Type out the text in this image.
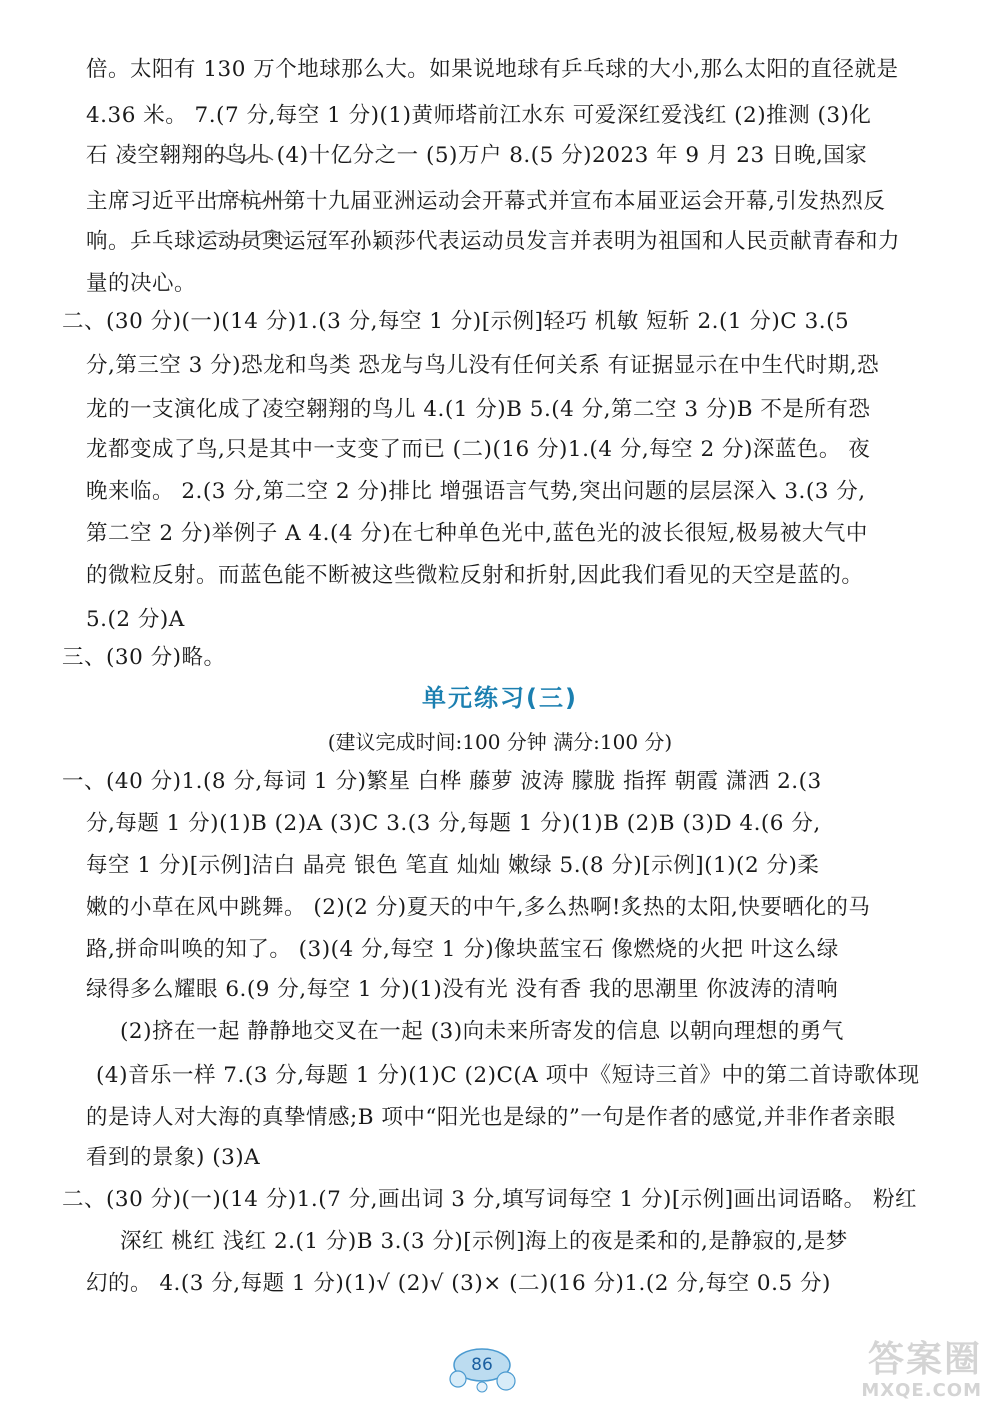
倍。太阳有 130 万个地球那么大。如果说地球有乒乓球的大小,那么太阳的直径就是
4.36 米。 7.(7 分,每空 1 分)(1)黄师塔前江水东 可爱深红爱浅红 (2)推测 (3)化
石 凌空翱翔的鸟儿 (4)十亿分之一 (5)万户 8.(5 分)2023 年 9 月 23 日晚,国家
主席习近平出席杭州第十九届亚洲运动会开幕式并宣布本届亚运会开幕,引发热烈反
响。乒乓球运动员奥运冠军孙颖莎代表运动员发言并表明为祖国和人民贡献青春和力
量的决心。
二、(30 分)(一)(14 分)1.(3 分,每空 1 分)[示例]轻巧 机敏 短斩 2.(1 分)C 3.(5
分,第三空 3 分)恐龙和鸟类 恐龙与鸟儿没有任何关系 有证据显示在中生代时期,恐
龙的一支演化成了凌空翱翔的鸟儿 4.(1 分)B 5.(4 分,第二空 3 分)B 不是所有恐
龙都变成了鸟,只是其中一支变了而已 (二)(16 分)1.(4 分,每空 2 分)深蓝色。 夜
晚来临。 2.(3 分,第二空 2 分)排比 增强语言气势,突出问题的层层深入 3.(3 分,
第二空 2 分)举例子 A 4.(4 分)在七种单色光中,蓝色光的波长很短,极易被大气中
的微粒反射。而蓝色能不断被这些微粒反射和折射,因此我们看见的天空是蓝的。
5.(2 分)A
三、(30 分)略。
单元练习(三)
(建议完成时间:100 分钟 满分:100 分)
一、(40 分)1.(8 分,每词 1 分)繁星 白桦 藤萝 波涛 朦胧 指挥 朝霞 潇洒 2.(3
分,每题 1 分)(1)B (2)A (3)C 3.(3 分,每题 1 分)(1)B (2)B (3)D 4.(6 分,
每空 1 分)[示例]洁白 晶亮 银色 笔直 灿灿 嫩绿 5.(8 分)[示例](1)(2 分)柔
嫩的小草在风中跳舞。 (2)(2 分)夏天的中午,多么热啊!炙热的太阳,快要晒化的马
路,拼命叫唤的知了。 (3)(4 分,每空 1 分)像块蓝宝石 像燃烧的火把 叶这么绿
绿得多么耀眼 6.(9 分,每空 1 分)(1)没有光 没有香 我的思潮里 你波涛的清响
(2)挤在一起 静静地交叉在一起 (3)向未来所寄发的信息 以朝向理想的勇气
(4)音乐一样 7.(3 分,每题 1 分)(1)C (2)C(A 项中《短诗三首》中的第二首诗歌体现
的是诗人对大海的真挚情感;B 项中“阳光也是绿的”一句是作者的感觉,并非作者亲眼
看到的景象) (3)A
二、(30 分)(一)(14 分)1.(7 分,画出词 3 分,填写词每空 1 分)[示例]画出词语略。 粉红
深红 桃红 浅红 2.(1 分)B 3.(3 分)[示例]海上的夜是柔和的,是静寂的,是梦
幻的。 4.(3 分,每题 1 分)(1)√ (2)√ (3)× (二)(16 分)1.(2 分,每空 0.5 分)
86	答案圈
MXQE.COM
